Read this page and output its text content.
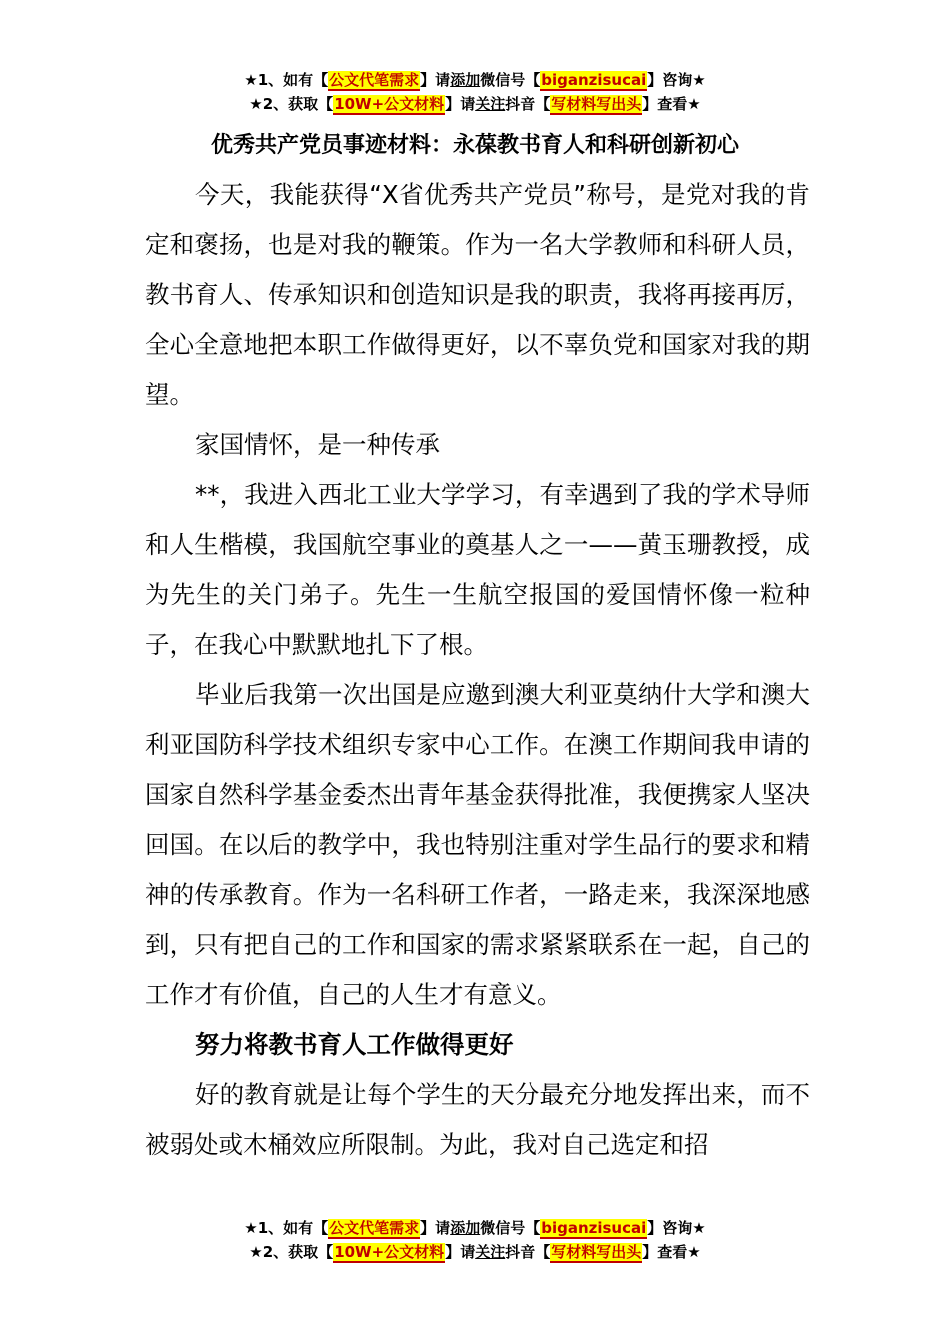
★1、如有【公文代笔需求】请添加微信号【biganzisucai】咨询★
★2、获取【10W+公文材料】请关注抖音【写材料写出头】查看★
优秀共产党员事迹材料：永葆教书育人和科研创新初心

今天，我能获得“X省优秀共产党员”称号，是党对我的肯定和褒扬，也是对我的鞭策。作为一名大学教师和科研人员，教书育人、传承知识和创造知识是我的职责，我将再接再厉，全心全意地把本职工作做得更好，以不辜负党和国家对我的期望。

家国情怀，是一种传承

**，我进入西北工业大学学习，有幸遇到了我的学术导师和人生楷模，我国航空事业的奠基人之一——黄玉珊教授，成为先生的关门弟子。先生一生航空报国的爱国情怀像一粒种子，在我心中默默地扎下了根。

毕业后我第一次出国是应邀到澳大利亚莫纳什大学和澳大利亚国防科学技术组织专家中心工作。在澳工作期间我申请的国家自然科学基金委杰出青年基金获得批准，我便携家人坚决回国。在以后的教学中，我也特别注重对学生品行的要求和精神的传承教育。作为一名科研工作者，一路走来，我深深地感到，只有把自己的工作和国家的需求紧紧联系在一起，自己的工作才有价值，自己的人生才有意义。

努力将教书育人工作做得更好

好的教育就是让每个学生的天分最充分地发挥出来，而不被弱处或木桶效应所限制。为此，我对自己选定和招

★1、如有【公文代笔需求】请添加微信号【biganzisucai】咨询★
★2、获取【10W+公文材料】请关注抖音【写材料写出头】查看★
